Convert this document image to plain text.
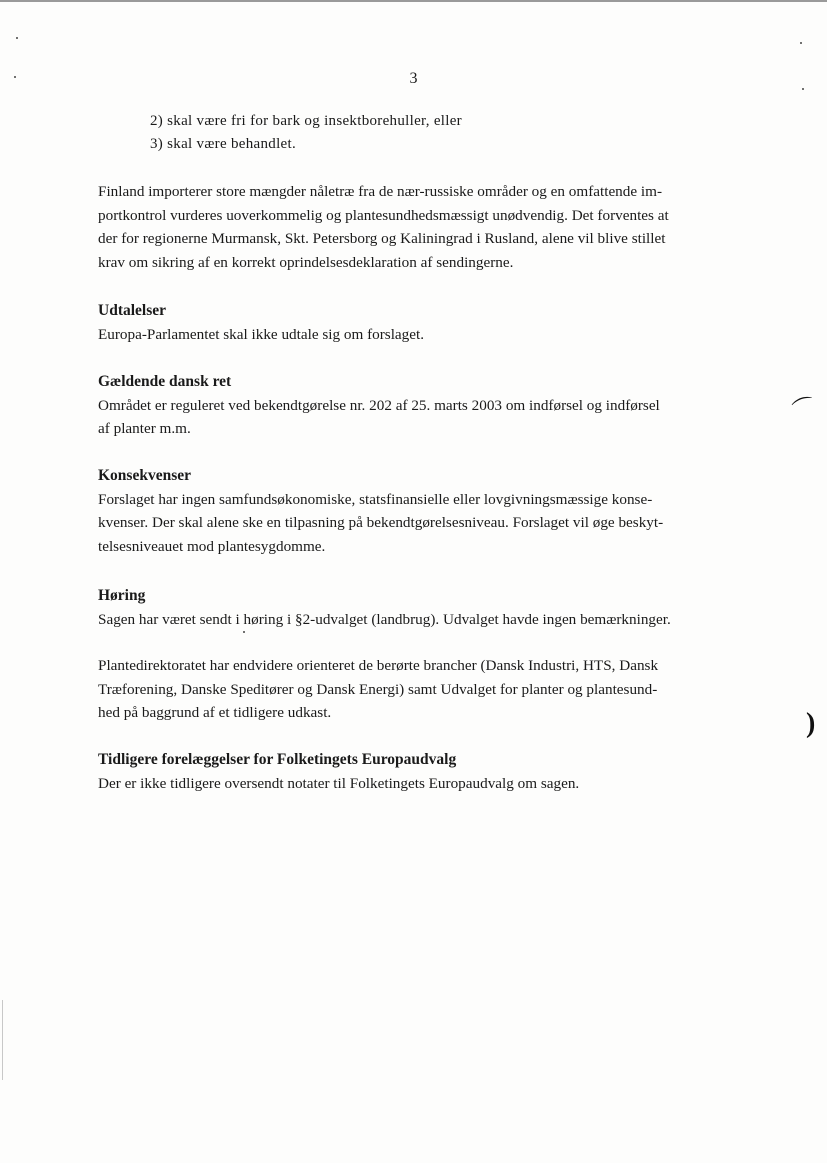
⌒
)
3
2) skal være fri for bark og insektborehuller, eller
3) skal være behandlet.
Finland importerer store mængder nåletræ fra de nær-russiske områder og en omfattende im-
portkontrol vurderes uoverkommelig og plantesundhedsmæssigt unødvendig. Det forventes at
der for regionerne Murmansk, Skt. Petersborg og Kaliningrad i Rusland, alene vil blive stillet
krav om sikring af en korrekt oprindelsesdeklaration af sendingerne.
Udtalelser
Europa-Parlamentet skal ikke udtale sig om forslaget.
Gældende dansk ret
Området er reguleret ved bekendtgørelse nr. 202 af 25. marts 2003 om indførsel og indførsel
af planter m.m.
Konsekvenser
Forslaget har ingen samfundsøkonomiske, statsfinansielle eller lovgivningsmæssige konse-
kvenser. Der skal alene ske en tilpasning på bekendtgørelsesniveau. Forslaget vil øge beskyt-
telsesniveauet mod plantesygdomme.
Høring
Sagen har været sendt i høring i §2-udvalget (landbrug). Udvalget havde ingen bemærkninger.
Plantedirektoratet har endvidere orienteret de berørte brancher (Dansk Industri, HTS, Dansk
Træforening, Danske Speditører og Dansk Energi) samt Udvalget for planter og plantesund-
hed på baggrund af et tidligere udkast.
Tidligere forelæggelser for Folketingets Europaudvalg
Der er ikke tidligere oversendt notater til Folketingets Europaudvalg om sagen.
